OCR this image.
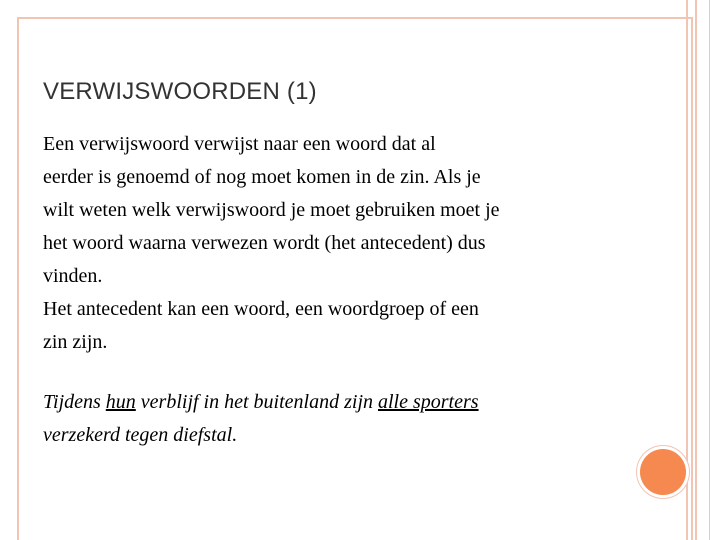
VERWIJSWOORDEN (1)

Een verwijswoord verwijst naar een woord dat al
eerder is genoemd of nog moet komen in de zin. Als je
wilt weten welk verwijswoord je moet gebruiken moet je
het woord waarna verwezen wordt (het antecedent) dus
vinden.

Het antecedent kan een woord, een woordgroep of een
zin zijn.

Tijdens hun verblijf in het buitenland zijn alle sporters
verzekerd tegen diefstal.
